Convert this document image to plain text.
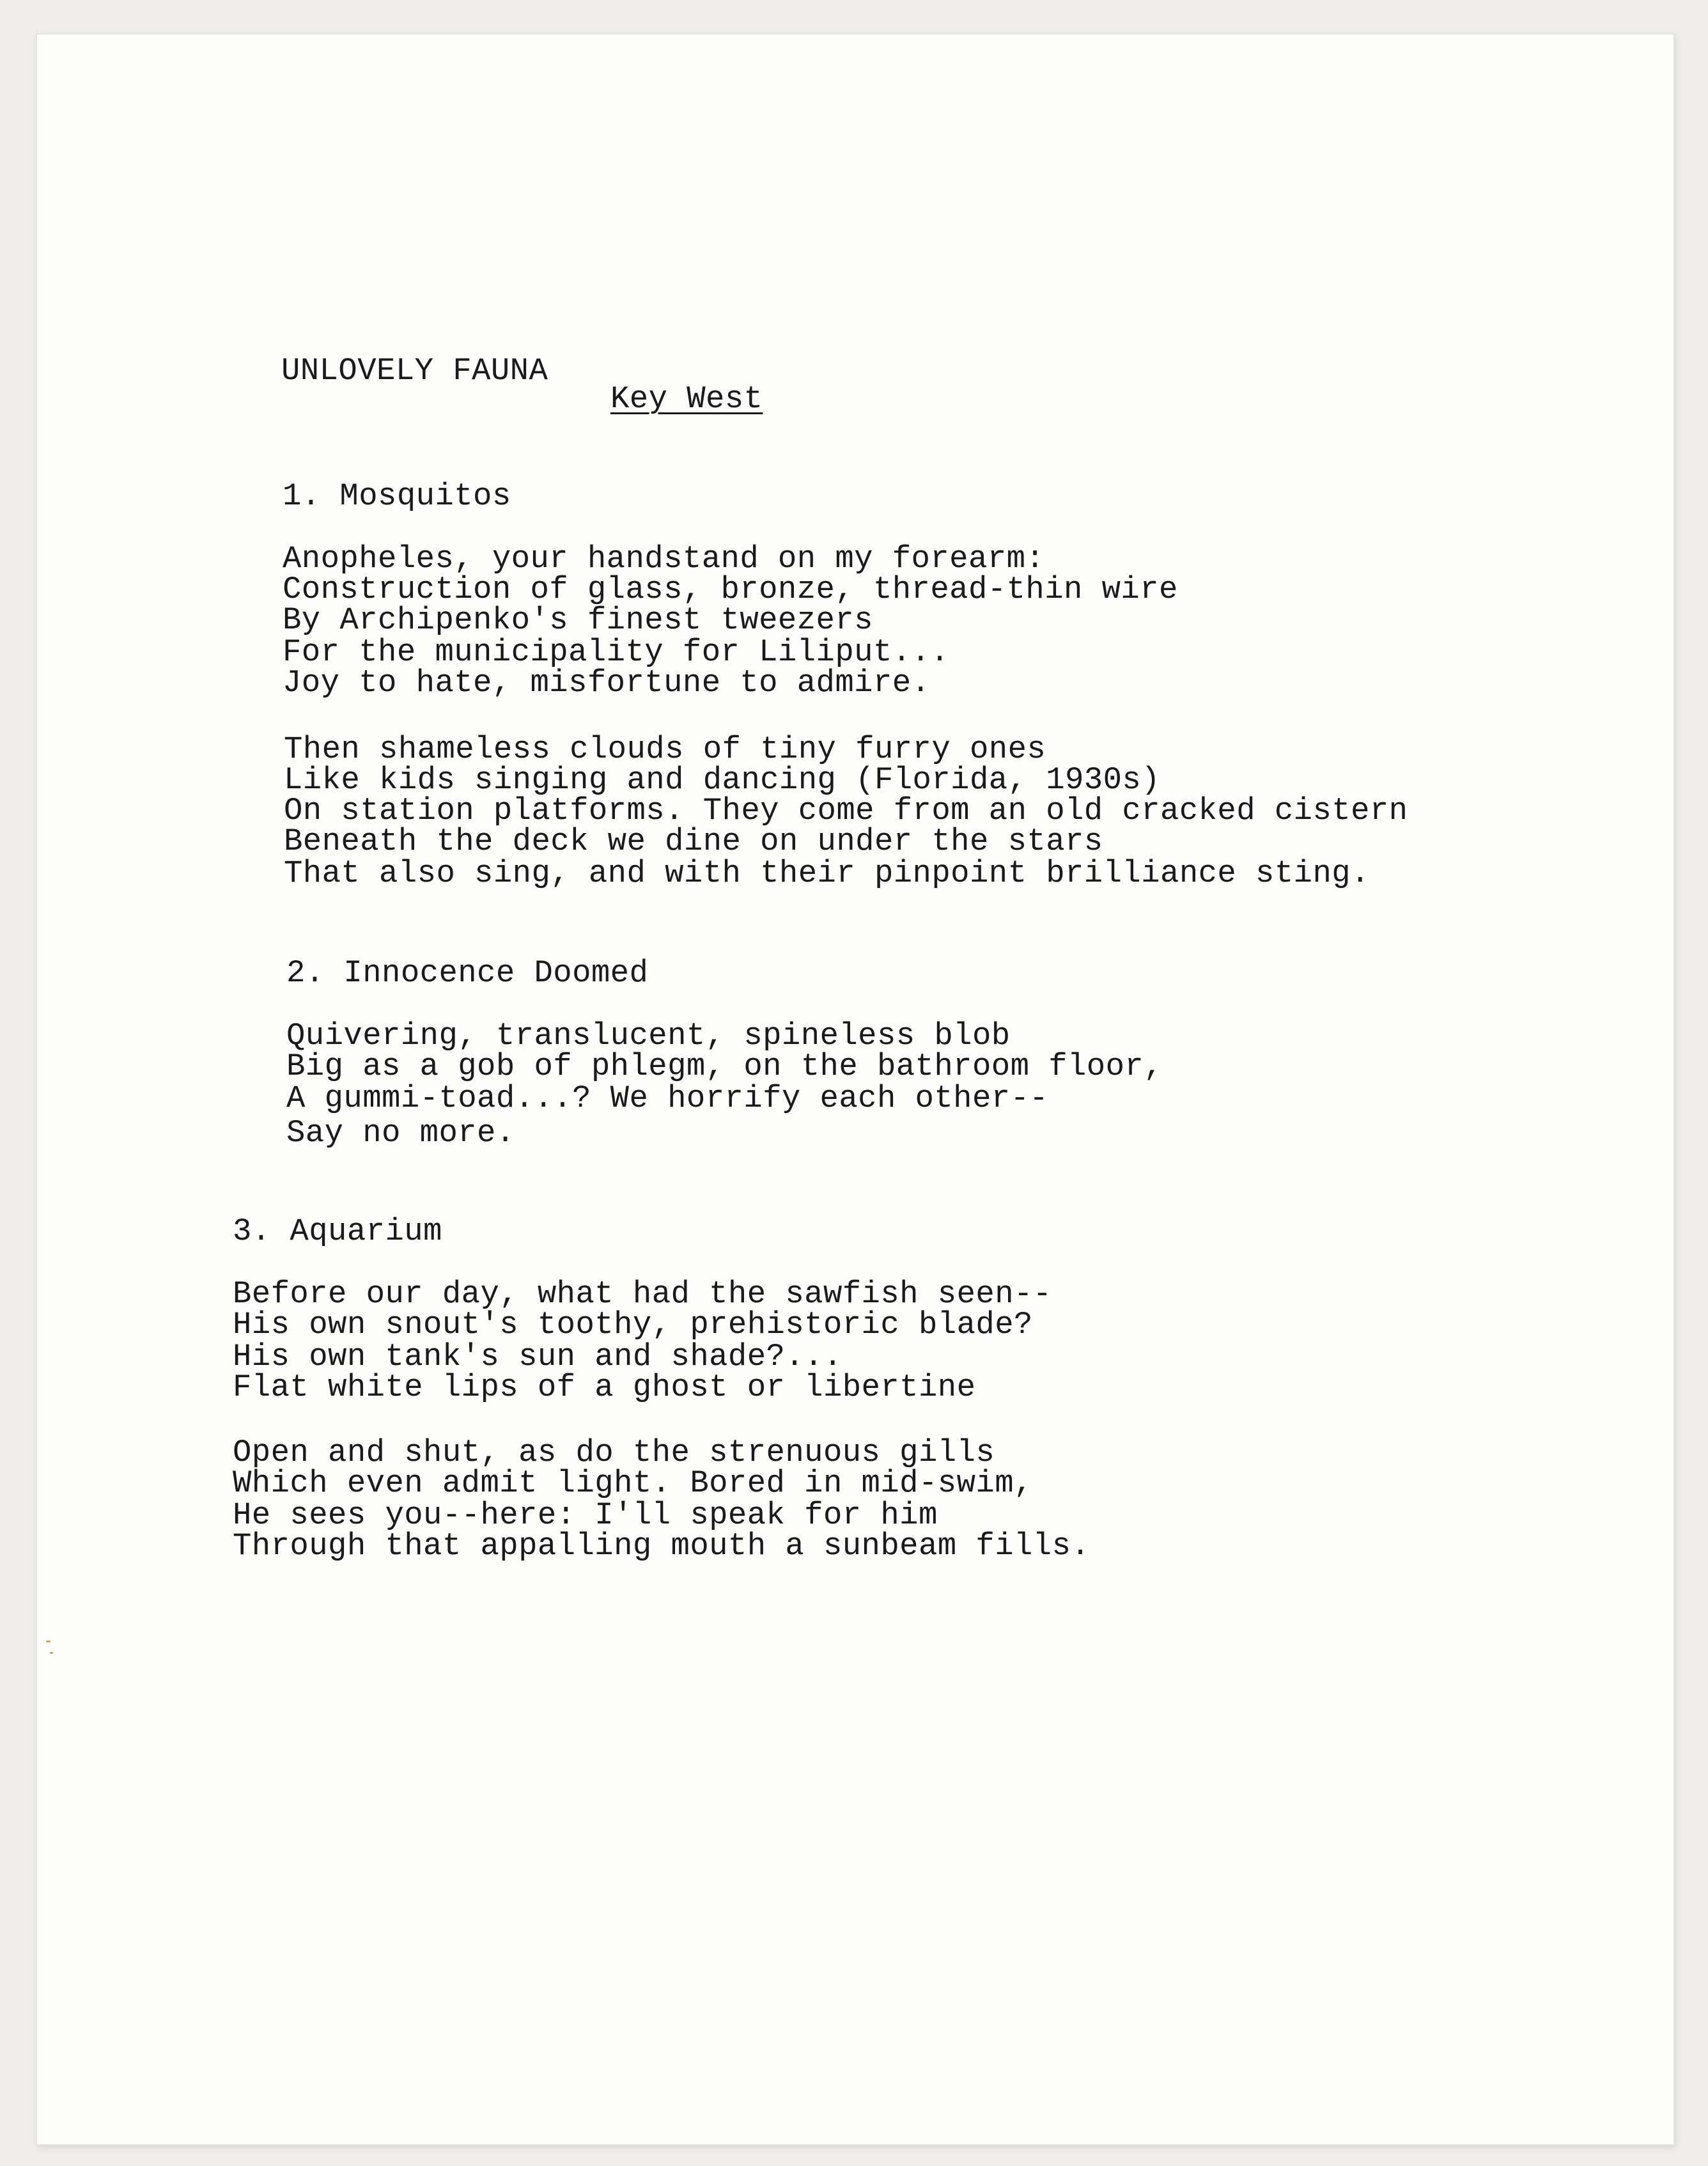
UNLOVELY FAUNA

Key West

1. Mosquitos

Anopheles, your handstand on my forearm:

Construction of glass, bronze, thread-thin wire

By Archipenko's finest tweezers

For the municipality for Liliput...

Joy to hate, misfortune to admire.

Then shameless clouds of tiny furry ones

Like kids singing and dancing (Florida, 1930s)

On station platforms. They come from an old cracked cistern

Beneath the deck we dine on under the stars

That also sing, and with their pinpoint brilliance sting.

2. Innocence Doomed

Quivering, translucent, spineless blob

Big as a gob of phlegm, on the bathroom floor,

A gummi-toad...? We horrify each other--

Say no more.

3. Aquarium

Before our day, what had the sawfish seen--

His own snout's toothy, prehistoric blade?

His own tank's sun and shade?...

Flat white lips of a ghost or libertine

Open and shut, as do the strenuous gills

Which even admit light. Bored in mid-swim,

He sees you--here: I'll speak for him

Through that appalling mouth a sunbeam fills.
